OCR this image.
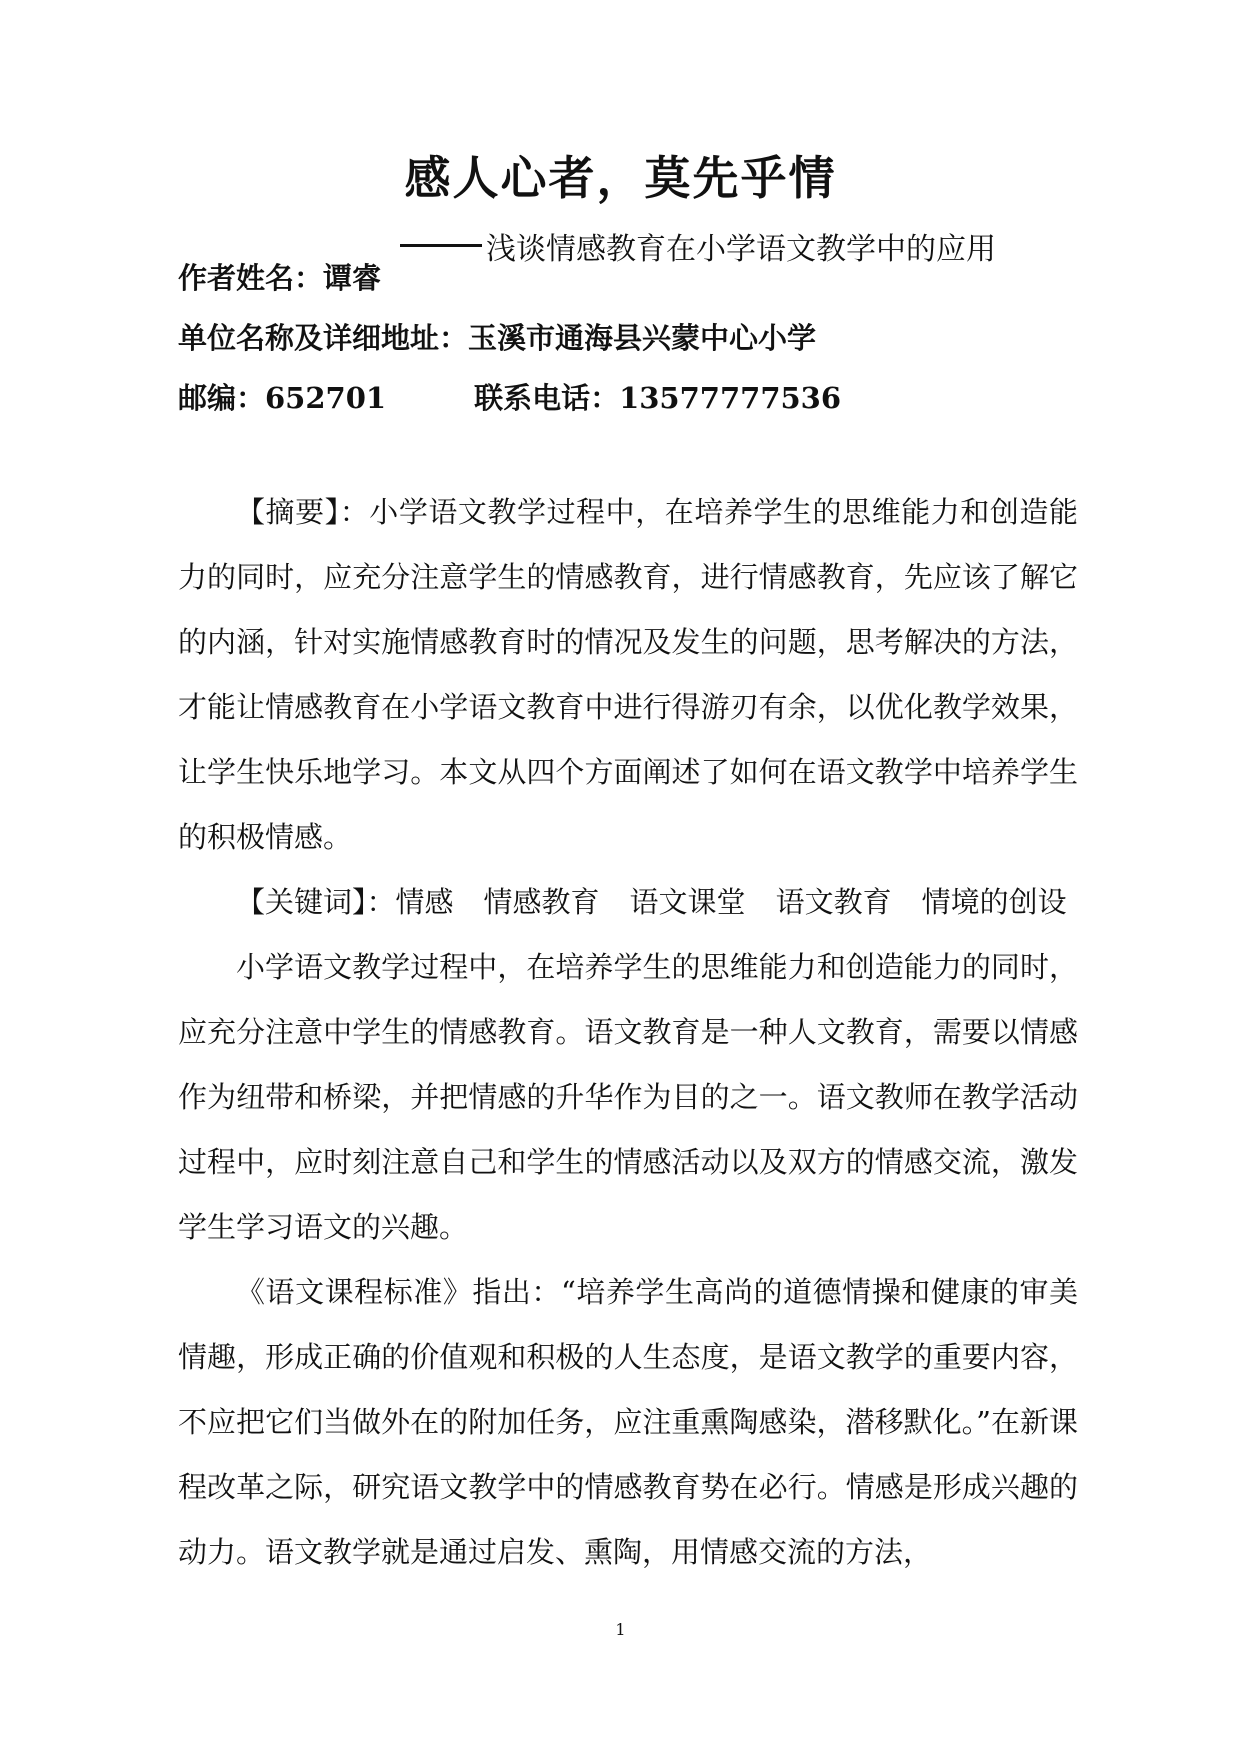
感人心者，莫先乎情
浅谈情感教育在小学语文教学中的应用
作者姓名：谭睿
单位名称及详细地址：玉溪市通海县兴蒙中心小学
邮编：652701	联系电话：13577777536

【摘要】：小学语文教学过程中，在培养学生的思维能力和创造能力的同时，应充分注意学生的情感教育，进行情感教育，先应该了解它的内涵，针对实施情感教育时的情况及发生的问题，思考解决的方法，才能让情感教育在小学语文教育中进行得游刃有余，以优化教学效果，让学生快乐地学习。本文从四个方面阐述了如何在语文教学中培养学生的积极情感。

【关键词】：情感 情感教育 语文课堂 语文教育 情境的创设

小学语文教学过程中，在培养学生的思维能力和创造能力的同时，应充分注意中学生的情感教育。语文教育是一种人文教育，需要以情感作为纽带和桥梁，并把情感的升华作为目的之一。语文教师在教学活动过程中，应时刻注意自己和学生的情感活动以及双方的情感交流，激发学生学习语文的兴趣。

《语文课程标准》指出：“培养学生高尚的道德情操和健康的审美情趣，形成正确的价值观和积极的人生态度，是语文教学的重要内容，不应把它们当做外在的附加任务，应注重熏陶感染，潜移默化。”在新课程改革之际，研究语文教学中的情感教育势在必行。情感是形成兴趣的动力。语文教学就是通过启发、熏陶，用情感交流的方法，

1
